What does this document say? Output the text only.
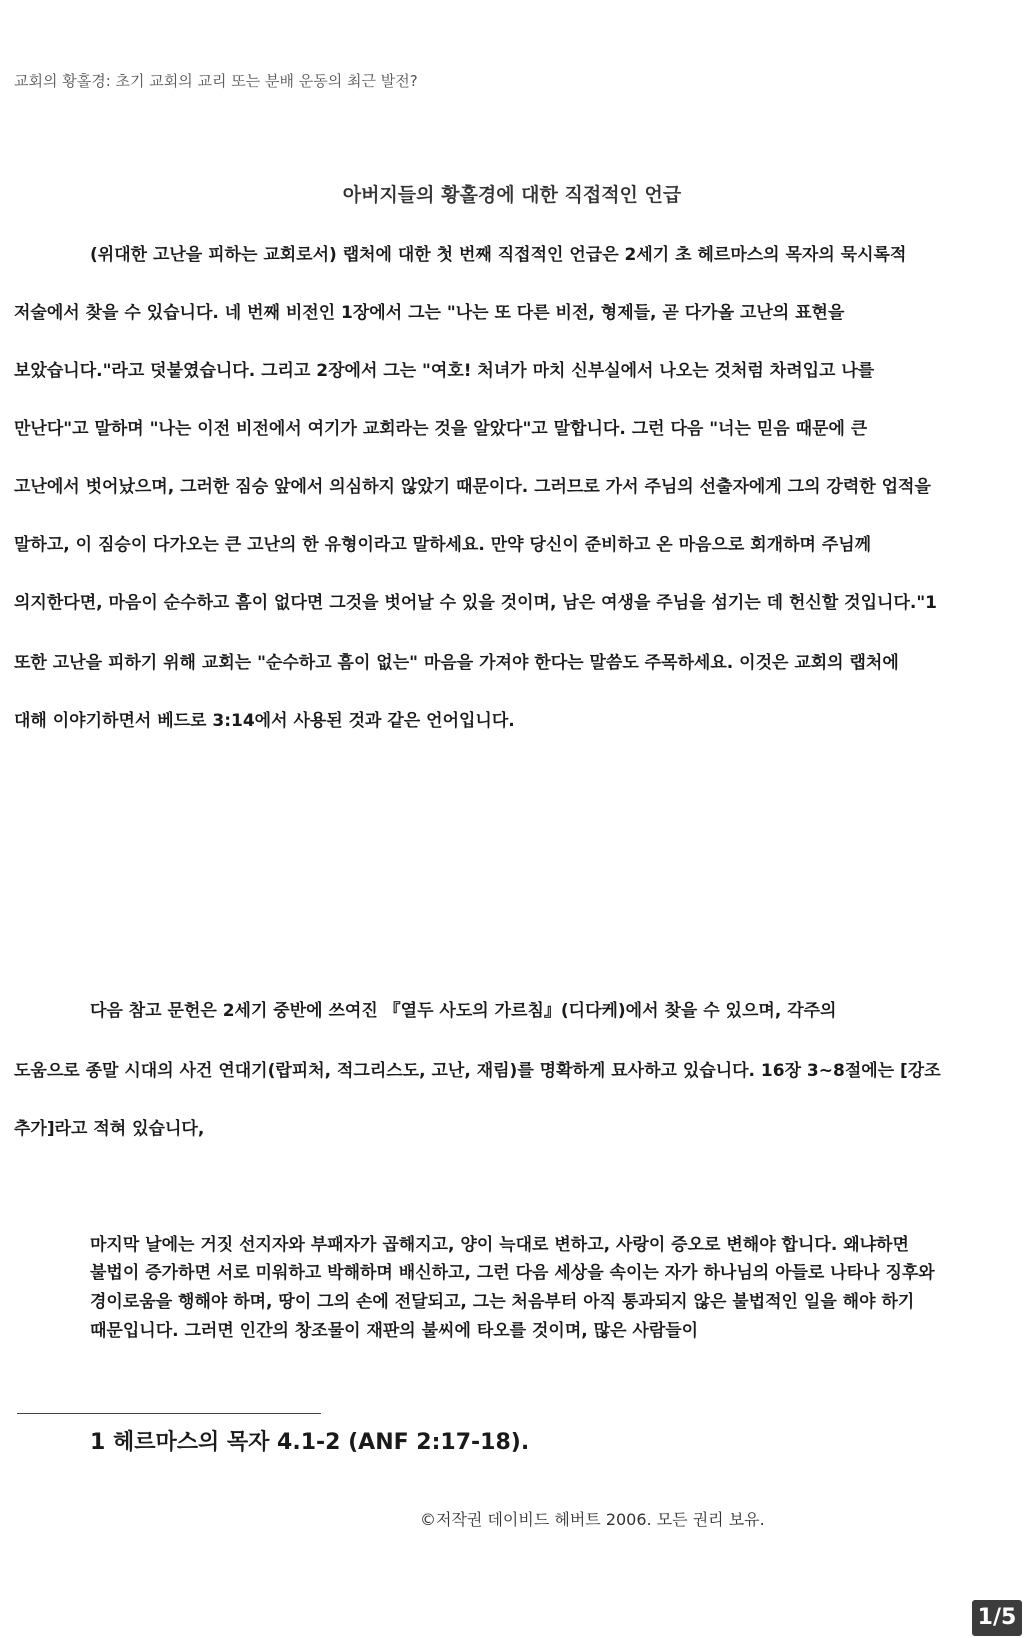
교회의 황홀경: 초기 교회의 교리 또는 분배 운동의 최근 발전?
아버지들의 황홀경에 대한 직접적인 언급
(위대한 고난을 피하는 교회로서) 랩처에 대한 첫 번째 직접적인 언급은 2세기 초 헤르마스의 목자의 묵시록적
저술에서 찾을 수 있습니다. 네 번째 비전인 1장에서 그는 "나는 또 다른 비전, 형제들, 곧 다가올 고난의 표현을
보았습니다."라고 덧붙였습니다. 그리고 2장에서 그는 "여호! 처녀가 마치 신부실에서 나오는 것처럼 차려입고 나를
만난다"고 말하며 "나는 이전 비전에서 여기가 교회라는 것을 알았다"고 말합니다. 그런 다음 "너는 믿음 때문에 큰
고난에서 벗어났으며, 그러한 짐승 앞에서 의심하지 않았기 때문이다. 그러므로 가서 주님의 선출자에게 그의 강력한 업적을
말하고, 이 짐승이 다가오는 큰 고난의 한 유형이라고 말하세요. 만약 당신이 준비하고 온 마음으로 회개하며 주님께
의지한다면, 마음이 순수하고 흠이 없다면 그것을 벗어날 수 있을 것이며, 남은 여생을 주님을 섬기는 데 헌신할 것입니다."1
또한 고난을 피하기 위해 교회는 "순수하고 흠이 없는" 마음을 가져야 한다는 말씀도 주목하세요. 이것은 교회의 랩처에
대해 이야기하면서 베드로 3:14에서 사용된 것과 같은 언어입니다.
다음 참고 문헌은 2세기 중반에 쓰여진 『열두 사도의 가르침』(디다케)에서 찾을 수 있으며, 각주의
도움으로 종말 시대의 사건 연대기(랍피처, 적그리스도, 고난, 재림)를 명확하게 묘사하고 있습니다. 16장 3~8절에는 [강조
추가]라고 적혀 있습니다,
마지막 날에는 거짓 선지자와 부패자가 곱해지고, 양이 늑대로 변하고, 사랑이 증오로 변해야 합니다. 왜냐하면
불법이 증가하면 서로 미워하고 박해하며 배신하고, 그런 다음 세상을 속이는 자가 하나님의 아들로 나타나 징후와
경이로움을 행해야 하며, 땅이 그의 손에 전달되고, 그는 처음부터 아직 통과되지 않은 불법적인 일을 해야 하기
때문입니다. 그러면 인간의 창조물이 재판의 불씨에 타오를 것이며, 많은 사람들이
1 헤르마스의 목자 4.1-2 (ANF 2:17-18).
©저작권 데이비드 헤버트 2006. 모든 권리 보유.
1/5
